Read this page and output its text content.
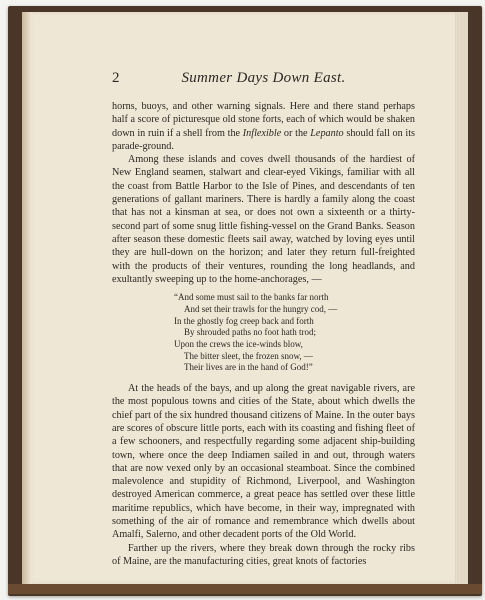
2	Summer Days Down East.

horns, buoys, and other warning signals. Here and there stand perhaps half a score of picturesque old stone forts, each of which would be shaken down in ruin if a shell from the Inflexible or the Lepanto should fall on its parade-ground.

Among these islands and coves dwell thousands of the hardiest of New England seamen, stalwart and clear-eyed Vikings, familiar with all the coast from Battle Harbor to the Isle of Pines, and descendants of ten generations of gallant mariners. There is hardly a family along the coast that has not a kinsman at sea, or does not own a sixteenth or a thirty-second part of some snug little fishing-vessel on the Grand Banks. Season after season these domestic fleets sail away, watched by loving eyes until they are hull-down on the horizon; and later they return full-freighted with the products of their ventures, rounding the long headlands, and exultantly sweeping up to the home-anchorages, —

“And some must sail to the banks far north
And set their trawls for the hungry cod, —
In the ghostly fog creep back and forth
By shrouded paths no foot hath trod;
Upon the crews the ice-winds blow,
The bitter sleet, the frozen snow, —
Their lives are in the hand of God!”

At the heads of the bays, and up along the great navigable rivers, are the most populous towns and cities of the State, about which dwells the chief part of the six hundred thousand citizens of Maine. In the outer bays are scores of obscure little ports, each with its coasting and fishing fleet of a few schooners, and respectfully regarding some adjacent ship-building town, where once the deep Indiamen sailed in and out, through waters that are now vexed only by an occasional steamboat. Since the combined malevolence and stupidity of Richmond, Liverpool, and Washington destroyed American commerce, a great peace has settled over these little maritime republics, which have become, in their way, impregnated with something of the air of romance and remembrance which dwells about Amalfi, Salerno, and other decadent ports of the Old World.

Farther up the rivers, where they break down through the rocky ribs of Maine, are the manufacturing cities, great knots of factories
